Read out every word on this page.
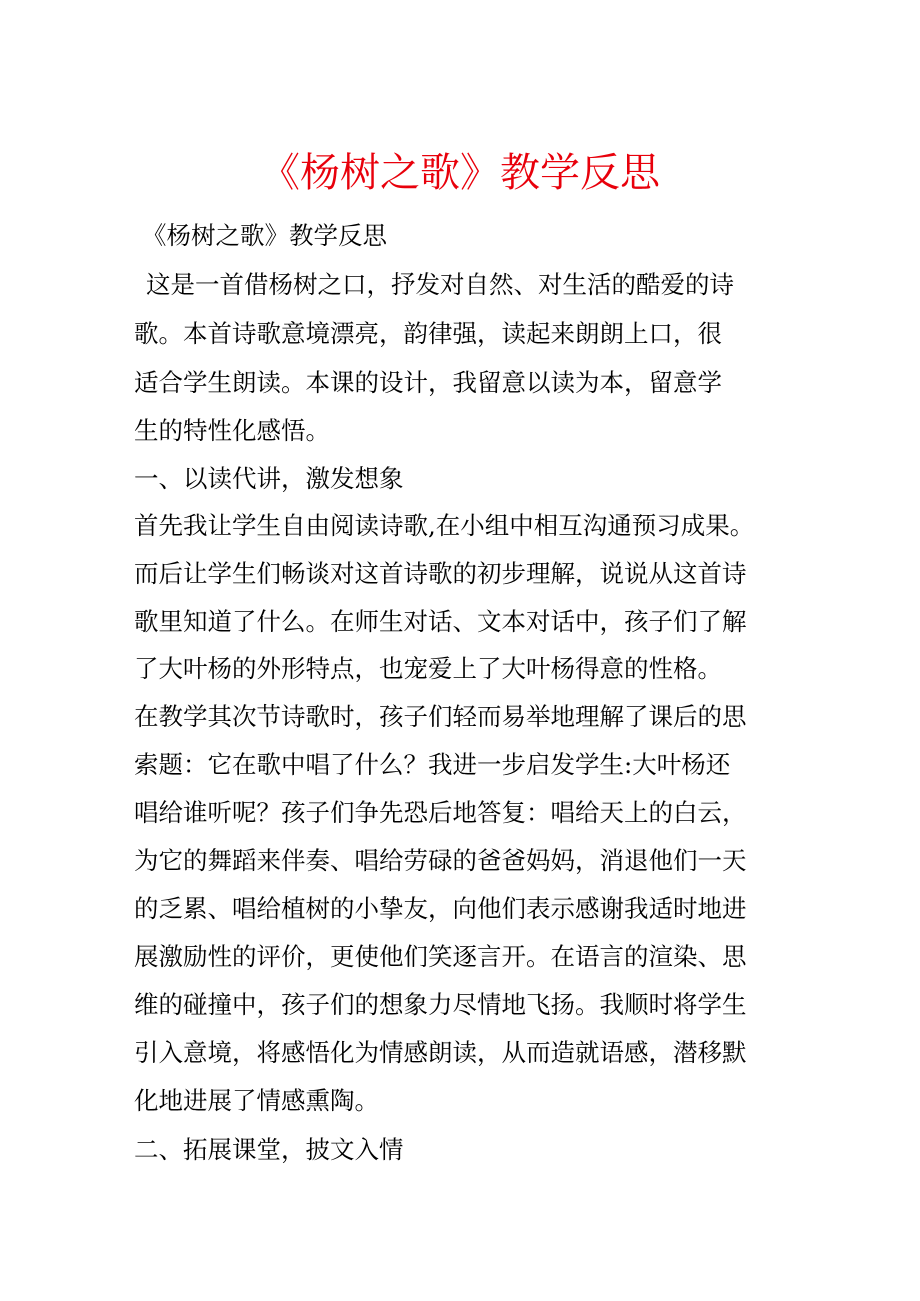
《杨树之歌》教学反思
《杨树之歌》教学反思
这是一首借杨树之口，抒发对自然、对生活的酷爱的诗
歌。本首诗歌意境漂亮，韵律强，读起来朗朗上口，很
适合学生朗读。本课的设计，我留意以读为本，留意学
生的特性化感悟。
一、以读代讲，激发想象
首先我让学生自由阅读诗歌,在小组中相互沟通预习成果。
而后让学生们畅谈对这首诗歌的初步理解，说说从这首诗
歌里知道了什么。在师生对话、文本对话中，孩子们了解
了大叶杨的外形特点，也宠爱上了大叶杨得意的性格。
在教学其次节诗歌时，孩子们轻而易举地理解了课后的思
索题：它在歌中唱了什么？我进一步启发学生:大叶杨还
唱给谁听呢？孩子们争先恐后地答复：唱给天上的白云，
为它的舞蹈来伴奏、唱给劳碌的爸爸妈妈，消退他们一天
的乏累、唱给植树的小挚友，向他们表示感谢我适时地进
展激励性的评价，更使他们笑逐言开。在语言的渲染、思
维的碰撞中，孩子们的想象力尽情地飞扬。我顺时将学生
引入意境，将感悟化为情感朗读，从而造就语感，潜移默
化地进展了情感熏陶。
二、拓展课堂，披文入情
